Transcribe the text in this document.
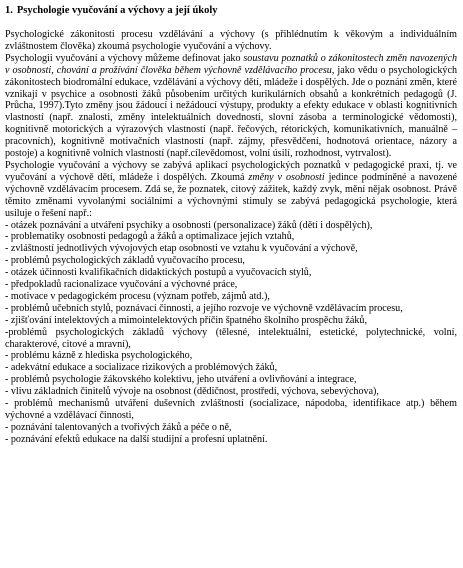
1. Psychologie vyučování a výchovy a její úkoly

Psychologické zákonitosti procesu vzdělávání a výchovy (s přihlédnutím k věkovým a individuálním zvláštnostem člověka) zkoumá psychologie vyučování a výchovy.

Psychologii vyučování a výchovy můžeme definovat jako soustavu poznatků o zákonitostech změn navozených v osobnosti, chování a prožívání člověka během výchovně vzdělávacího procesu, jako vědu o psychologických zákonitostech biodromální edukace, vzdělávání a výchovy dětí, mládeže i dospělých. Jde o poznání změn, které vznikají v psychice a osobnosti žáků působením určitých kurikulárních obsahů a konkrétních pedagogů (J. Průcha, 1997).Tyto změny jsou žádoucí i nežádoucí výstupy, produkty a efekty edukace v oblasti kognitivních vlastností (např. znalosti, změny intelektuálních dovedností, slovní zásoba a terminologické vědomosti), kognitivně motorických a výrazových vlastností (např. řečových, rétorických, komunikativních, manuálně – pracovních), kognitivně motivačních vlastností (např. zájmy, přesvědčení, hodnotová orientace, názory a postoje) a kognitivně volních vlastností (např.cílevědomost, volní úsilí, rozhodnost, vytrvalost).

Psychologie vyučování a výchovy se zabývá aplikací psychologických poznatků v pedagogické praxi, tj. ve vyučování a výchově dětí, mládeže i dospělých. Zkoumá změny v osobnosti jedince podmíněné a navozené výchovně vzdělávacím procesem. Zdá se, že poznatek, citový zážitek, každý zvyk, mění nějak osobnost. Právě těmito změnami vyvolanými sociálními a výchovnými stimuly se zabývá pedagogická psychologie, která usiluje o řešení např.:

- otázek poznávání a utváření psychiky a osobnosti (personalizace) žáků (dětí i dospělých),
- problematiky osobnosti pedagogů a žáků a optimalizace jejich vztahů,
- zvláštností jednotlivých vývojových etap osobnosti ve vztahu k vyučování a výchově,
- problémů psychologických základů vyučovacího procesu,
- otázek účinnosti kvalifikačních didaktických postupů a vyučovacích stylů,
- předpokladů racionalizace vyučování a výchovné práce,
- motivace v pedagogickém procesu (význam potřeb, zájmů atd.),
- problémů učebních stylů, poznávací činnosti, a jejího rozvoje ve výchovně vzdělávacím procesu,
- zjišťování intelektových a mimointelektových příčin špatného školního prospěchu žáků,
-problémů psychologických základů výchovy (tělesné, intelektuální, estetické, polytechnické, volní, charakterové, citové a mravní),
- problému kázně z hlediska psychologického,
- adekvátní edukace a socializace rizikových a problémových žáků,
- problémů psychologie žákovského kolektivu, jeho utváření a ovlivňování a integrace,
- vlivu základních činitelů vývoje na osobnost (dědičnost, prostředí, výchova, sebevýchova),
- problémů mechanismů utváření duševních zvláštností (socializace, nápodoba, identifikace atp.) během výchovné a vzdělávací činnosti,
- poznávání talentovaných a tvořivých žáků a péče o ně,
- poznávání efektů edukace na další studijní a profesní uplatnění.
